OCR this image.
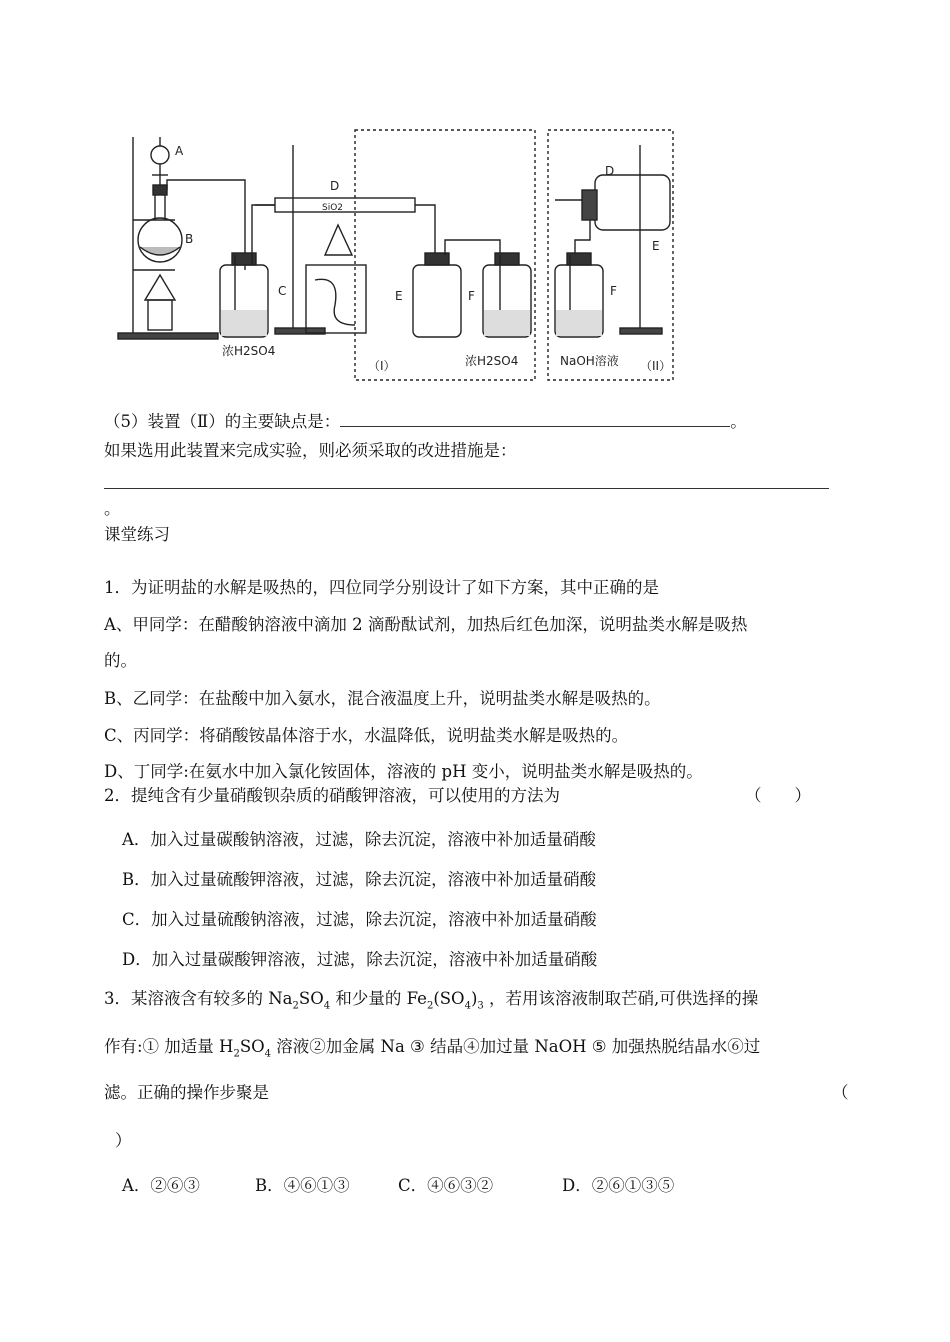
A
B
C
D
SiO2
E	F
D
E
F
浓H2SO4
（I）	浓H2SO4	NaOH溶液 （II）
（5）装置（Ⅱ）的主要缺点是：	。
如果选用此装置来完成实验，则必须采取的改进措施是：
。
课堂练习
1．为证明盐的水解是吸热的，四位同学分别设计了如下方案，其中正确的是
A、甲同学：在醋酸钠溶液中滴加 2 滴酚酞试剂，加热后红色加深，说明盐类水解是吸热
的。
B、乙同学：在盐酸中加入氨水，混合液温度上升，说明盐类水解是吸热的。
C、丙同学：将硝酸铵晶体溶于水，水温降低，说明盐类水解是吸热的。
D、丁同学:在氨水中加入氯化铵固体，溶液的 pH 变小，说明盐类水解是吸热的。
2．提纯含有少量硝酸钡杂质的硝酸钾溶液，可以使用的方法为	（　　）
A．加入过量碳酸钠溶液，过滤，除去沉淀，溶液中补加适量硝酸
B．加入过量硫酸钾溶液，过滤，除去沉淀，溶液中补加适量硝酸
C．加入过量硫酸钠溶液，过滤，除去沉淀，溶液中补加适量硝酸
D．加入过量碳酸钾溶液，过滤，除去沉淀，溶液中补加适量硝酸
3．某溶液含有较多的 $Na_2SO_4$ 和少量的 $Fe_2(SO_4)_3$ ，若用该溶液制取芒硝,可供选择的操
作有:① 加适量 $H_2SO_4$ 溶液②加金属 Na ③ 结晶④加过量 NaOH ⑤ 加强热脱结晶水⑥过
滤。正确的操作步聚是	（
）
A．②⑥③	B．④⑥①③	C．④⑥③②	D．②⑥①③⑤
